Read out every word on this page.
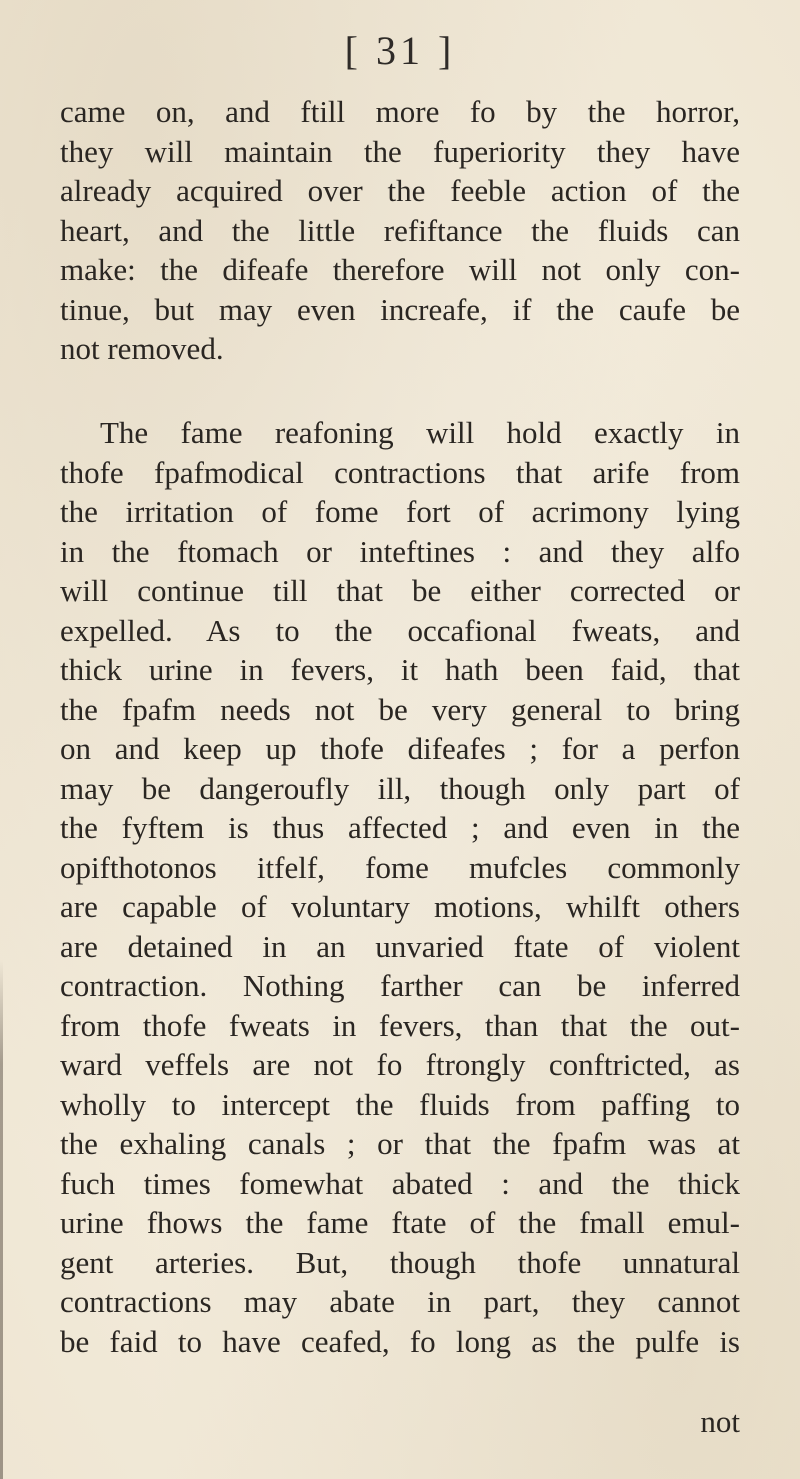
[ 31 ]
came on, and ftill more fo by the horror,
they will maintain the fuperiority they have
already acquired over the feeble action of the
heart, and the little refiftance the fluids can
make: the difeafe therefore will not only con-
tinue, but may even increafe, if the caufe be
not removed.
The fame reafoning will hold exactly in
thofe fpafmodical contractions that arife from
the irritation of fome fort of acrimony lying
in the ftomach or inteftines : and they alfo
will continue till that be either corrected or
expelled. As to the occafional fweats, and
thick urine in fevers, it hath been faid, that
the fpafm needs not be very general to bring
on and keep up thofe difeafes ; for a perfon
may be dangeroufly ill, though only part of
the fyftem is thus affected ; and even in the
opifthotonos itfelf, fome mufcles commonly
are capable of voluntary motions, whilft others
are detained in an unvaried ftate of violent
contraction. Nothing farther can be inferred
from thofe fweats in fevers, than that the out-
ward veffels are not fo ftrongly conftricted, as
wholly to intercept the fluids from paffing to
the exhaling canals ; or that the fpafm was at
fuch times fomewhat abated : and the thick
urine fhows the fame ftate of the fmall emul-
gent arteries. But, though thofe unnatural
contractions may abate in part, they cannot
be faid to have ceafed, fo long as the pulfe is
not
